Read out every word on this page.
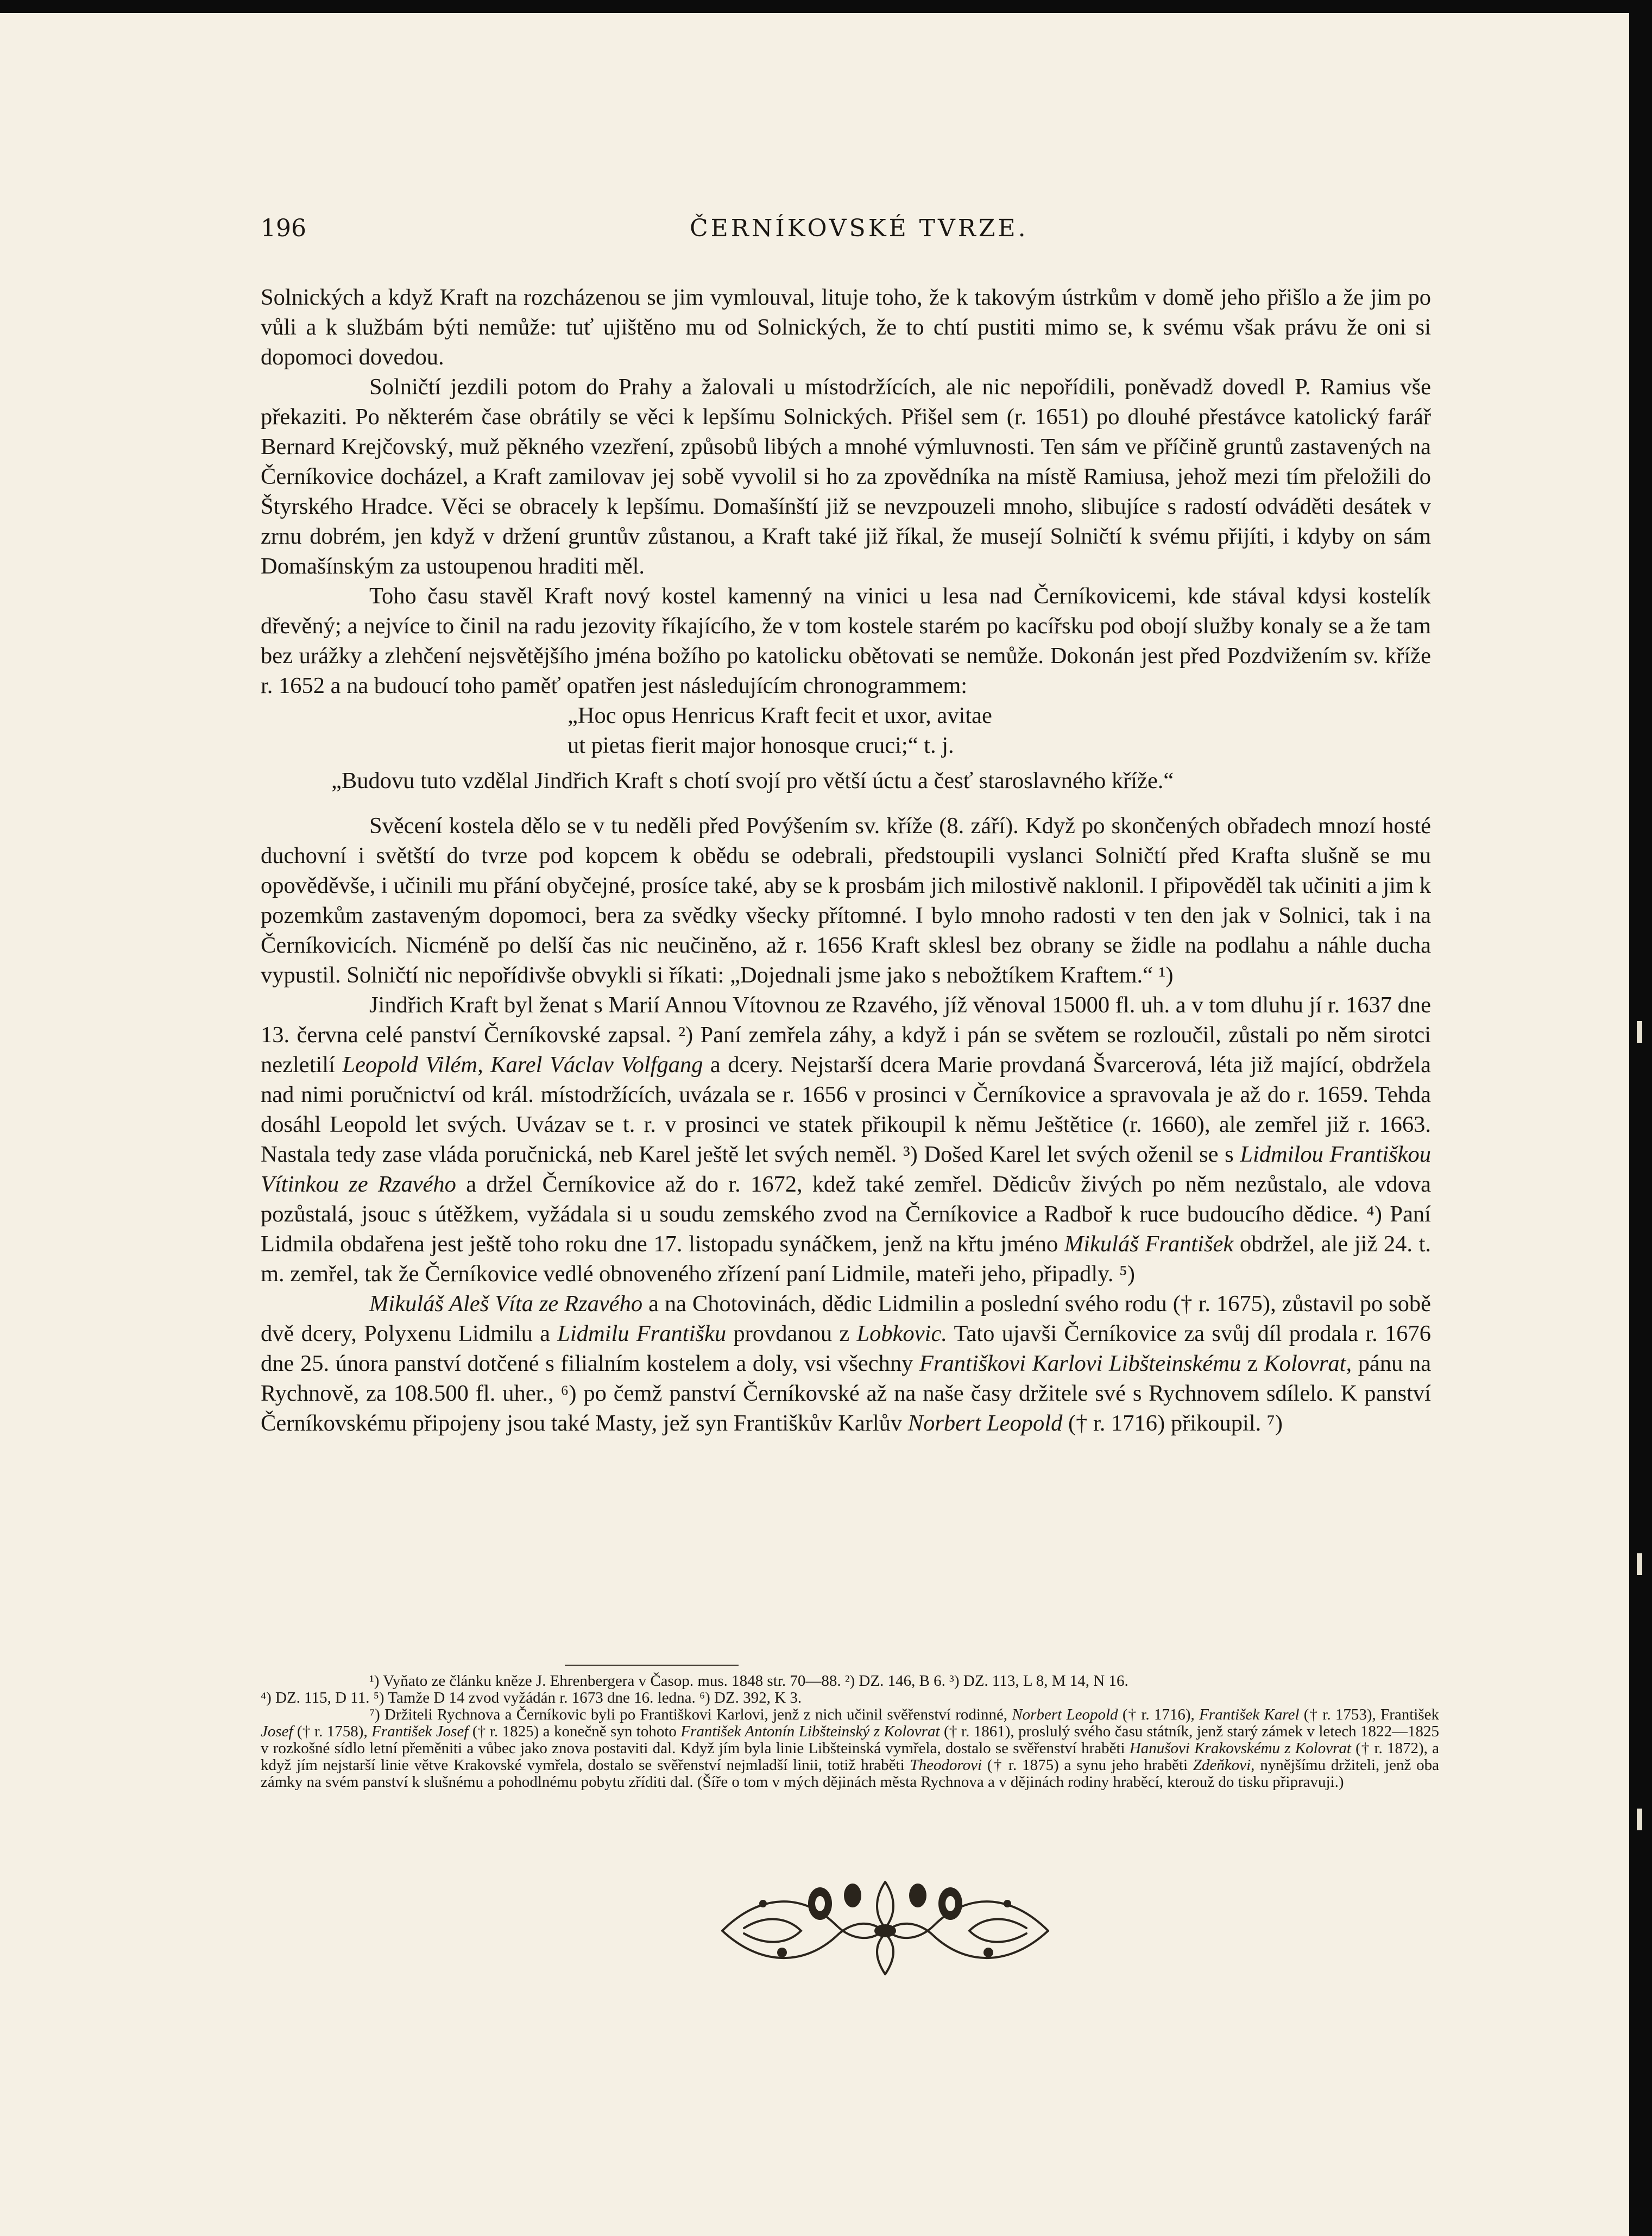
196	ČERNÍKOVSKÉ TVRZE.

Solnických a když Kraft na rozcházenou se jim vymlouval, lituje toho, že k takovým ústrkům v domě jeho přišlo a že jim po vůli a k službám býti nemůže: tuť ujištěno mu od Solnických, že to chtí pustiti mimo se, k svému však právu že oni si dopomoci dovedou.

Solničtí jezdili potom do Prahy a žalovali u místodržících, ale nic nepořídili, poněvadž dovedl P. Ramius vše překaziti. Po některém čase obrátily se věci k lepšímu Solnických. Přišel sem (r. 1651) po dlouhé přestávce katolický farář Bernard Krejčovský, muž pěkného vzezření, způsobů libých a mnohé výmluvnosti. Ten sám ve příčině gruntů zastavených na Černíkovice docházel, a Kraft zamilovav jej sobě vyvolil si ho za zpovědníka na místě Ramiusa, jehož mezi tím přeložili do Štyrského Hradce. Věci se obracely k lepšímu. Domašínští již se nevzpouzeli mnoho, slibujíce s radostí odváděti desátek v zrnu dobrém, jen když v držení gruntův zůstanou, a Kraft také již říkal, že musejí Solničtí k svému přijíti, i kdyby on sám Domašínským za ustoupenou hraditi měl.

Toho času stavěl Kraft nový kostel kamenný na vinici u lesa nad Černíkovicemi, kde stával kdysi kostelík dřevěný; a nejvíce to činil na radu jezovity říkajícího, že v tom kostele starém po kacířsku pod obojí služby konaly se a že tam bez urážky a zlehčení nejsvětějšího jména božího po katolicku obětovati se nemůže. Dokonán jest před Pozdvižením sv. kříže r. 1652 a na budoucí toho paměť opatřen jest následujícím chronogrammem:

„Hoc opus Henricus Kraft fecit et uxor, avitae

ut pietas fierit major honosque cruci;“ t. j.

„Budovu tuto vzdělal Jindřich Kraft s chotí svojí pro větší úctu a česť staroslavného kříže.“

Svěcení kostela dělo se v tu neděli před Povýšením sv. kříže (8. září). Když po skončených obřadech mnozí hosté duchovní i světští do tvrze pod kopcem k obědu se odebrali, předstoupili vyslanci Solničtí před Krafta slušně se mu opověděvše, i učinili mu přání obyčejné, prosíce také, aby se k prosbám jich milostivě naklonil. I připověděl tak učiniti a jim k pozemkům zastaveným dopomoci, bera za svědky všecky přítomné. I bylo mnoho radosti v ten den jak v Solnici, tak i na Černíkovicích. Nicméně po delší čas nic neučiněno, až r. 1656 Kraft sklesl bez obrany se židle na podlahu a náhle ducha vypustil. Solničtí nic nepořídivše obvykli si říkati: „Dojednali jsme jako s nebožtíkem Kraftem.“ ¹)

Jindřich Kraft byl ženat s Marií Annou Vítovnou ze Rzavého, jíž věnoval 15000 fl. uh. a v tom dluhu jí r. 1637 dne 13. června celé panství Černíkovské zapsal. ²) Paní zemřela záhy, a když i pán se světem se rozloučil, zůstali po něm sirotci nezletilí Leopold Vilém, Karel Václav Volfgang a dcery. Nejstarší dcera Marie provdaná Švarcerová, léta již mající, obdržela nad nimi poručnictví od král. místodržících, uvázala se r. 1656 v prosinci v Černíkovice a spravovala je až do r. 1659. Tehda dosáhl Leopold let svých. Uvázav se t. r. v prosinci ve statek přikoupil k němu Ještětice (r. 1660), ale zemřel již r. 1663. Nastala tedy zase vláda poručnická, neb Karel ještě let svých neměl. ³) Došed Karel let svých oženil se s Lidmilou Františkou Vítinkou ze Rzavého a držel Černíkovice až do r. 1672, kdež také zemřel. Dědicův živých po něm nezůstalo, ale vdova pozůstalá, jsouc s útěžkem, vyžádala si u soudu zemského zvod na Černíkovice a Radboř k ruce budoucího dědice. ⁴) Paní Lidmila obdařena jest ještě toho roku dne 17. listopadu synáčkem, jenž na křtu jméno Mikuláš František obdržel, ale již 24. t. m. zemřel, tak že Černíkovice vedlé obnoveného zřízení paní Lidmile, mateři jeho, připadly. ⁵)

Mikuláš Aleš Víta ze Rzavého a na Chotovinách, dědic Lidmilin a poslední svého rodu († r. 1675), zůstavil po sobě dvě dcery, Polyxenu Lidmilu a Lidmilu Františku provdanou z Lobkovic. Tato ujavši Černíkovice za svůj díl prodala r. 1676 dne 25. února panství dotčené s filialním kostelem a doly, vsi všechny Františkovi Karlovi Libšteinskému z Kolovrat, pánu na Rychnově, za 108.500 fl. uher., ⁶) po čemž panství Černíkovské až na naše časy držitele své s Rychnovem sdílelo. K panství Černíkovskému připojeny jsou také Masty, jež syn Františkův Karlův Norbert Leopold († r. 1716) přikoupil. ⁷)

¹) Vyňato ze článku kněze J. Ehrenbergera v Časop. mus. 1848 str. 70—88. ²) DZ. 146, B 6. ³) DZ. 113, L 8, M 14, N 16.

⁴) DZ. 115, D 11. ⁵) Tamže D 14 zvod vyžádán r. 1673 dne 16. ledna. ⁶) DZ. 392, K 3.

⁷) Držiteli Rychnova a Černíkovic byli po Františkovi Karlovi, jenž z nich učinil svěřenství rodinné, Norbert Leopold († r. 1716), František Karel († r. 1753), František Josef († r. 1758), František Josef († r. 1825) a konečně syn tohoto František Antonín Libšteinský z Kolovrat († r. 1861), proslulý svého času státník, jenž starý zámek v letech 1822—1825 v rozkošné sídlo letní přeměniti a vůbec jako znova postaviti dal. Když jím byla linie Libšteinská vymřela, dostalo se svěřenství hraběti Hanušovi Krakovskému z Kolovrat († r. 1872), a když jím nejstarší linie větve Krakovské vymřela, dostalo se svěřenství nejmladší linii, totiž hraběti Theodorovi († r. 1875) a synu jeho hraběti Zdeňkovi, nynějšímu držiteli, jenž oba zámky na svém panství k slušnému a pohodlnému pobytu zříditi dal. (Šíře o tom v mých dějinách města Rychnova a v dějinách rodiny hraběcí, kterouž do tisku připravuji.)
